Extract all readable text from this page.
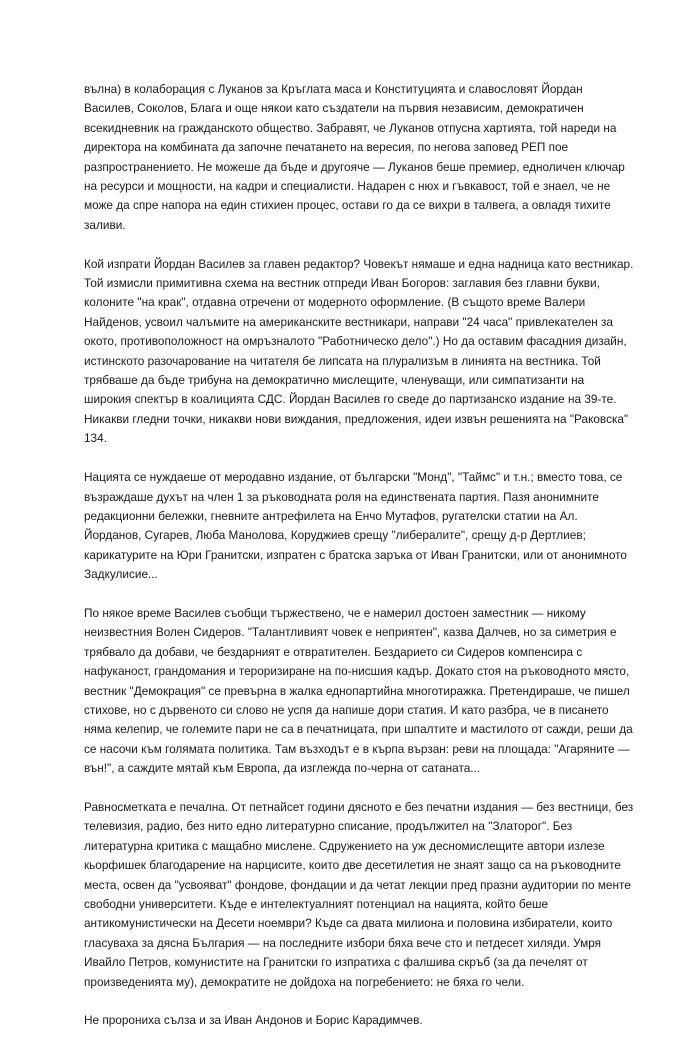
вълна) в колаборация с Луканов за Кръглата маса и Конституцията и славословят Йордан Василев, Соколов, Блага и още някои като създатели на първия независим, демократичен всекидневник на гражданското общество. Забравят, че Луканов отпусна хартията, той нареди на директора на комбината да започне печатането на вересия, по негова заповед РЕП пое разпространението. Не можеше да бъде и другояче — Луканов беше премиер, едноличен ключар на ресурси и мощности, на кадри и специалисти. Надарен с нюх и гъвкавост, той е знаел, че не може да спре напора на един стихиен процес, остави го да се вихри в талвега, а овладя тихите заливи.

Кой изпрати Йордан Василев за главен редактор? Човекът нямаше и една надница като вестникар. Той измисли примитивна схема на вестник отпреди Иван Богоров: заглавия без главни букви, колоните "на крак", отдавна отречени от модерното оформление. (В същото време Валери Найденов, усвоил чалъмите на американските вестникари, направи "24 часа" привлекателен за окото, противоположност на омръзналото "Работническо дело".) Но да оставим фасадния дизайн, истинското разочарование на читателя бе липсата на плурализъм в линията на вестника. Той трябваше да бъде трибуна на демократично мислещите, членуващи, или симпатизанти на широкия спектър в коалицията СДС. Йордан Василев го сведе до партизанско издание на 39-те. Никакви гледни точки, никакви нови виждания, предложения, идеи извън решенията на "Раковска" 134.

Нацията се нуждаеше от меродавно издание, от български "Монд", "Таймс" и т.н.; вместо това, се възраждаше духът на член 1 за ръководната роля на единствената партия. Пазя анонимните редакционни бележки, гневните антрефилета на Енчо Мутафов, ругателски статии на Ал. Йорданов, Сугарев, Люба Манолова, Коруджиев срещу "либералите", срещу д-р Дертлиев; карикатурите на Юри Гранитски, изпратен с братска заръка от Иван Гранитски, или от анонимното Задкулисие...

По някое време Василев съобщи тържествено, че е намерил достоен заместник — никому неизвестния Волен Сидеров. "Талантливият човек е неприятен", казва Далчев, но за симетрия е трябвало да добави, че бездарният е отвратителен. Бездарието си Сидеров компенсира с нафуканост, грандомания и тероризиране на по-нисшия кадър. Докато стоя на ръководното място, вестник "Демокрация" се превърна в жалка еднопартийна многотиражка. Претендираше, че пишел стихове, но с дървеното си слово не успя да напише дори статия. И като разбра, че в писането няма келепир, че големите пари не са в печатницата, при шпалтите и мастилото от сажди, реши да се насочи към голямата политика. Там възходът е в кърпа вързан: реви на площада: "Агаряните — вън!", а саждите мятай към Европа, да изглежда по-черна от сатаната...

Равносметката е печална. От петнайсет години дясното е без печатни издания — без вестници, без телевизия, радио, без нито едно литературно списание, продължител на "Златорог". Без литературна критика с мащабно мислене. Сдружението на уж десномислещите автори излезе кьорфишек благодарение на нарцисите, които две десетилетия не знаят защо са на ръководните места, освен да "усвояват" фондове, фондации и да четат лекции пред празни аудитории по менте свободни университети. Къде е интелектуалният потенциал на нацията, който беше антикомунистически на Десети ноември? Къде са двата милиона и половина избиратели, които гласуваха за дясна България — на последните избори бяха вече сто и петдесет хиляди. Умря Ивайло Петров, комунистите на Гранитски го изпратиха с фалшива скръб (за да печелят от произведенията му), демократите не дойдоха на погребението: не бяха го чели.

Не проронихa сълза и за Иван Андонов и Борис Карадимчев.
